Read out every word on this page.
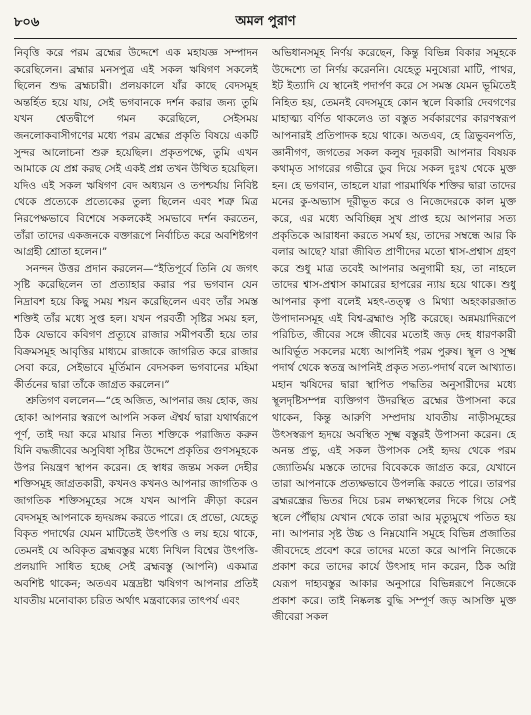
৮০৬	অমল পুরাণ

নিবৃত্তি করে পরম ব্রহ্মের উদ্দেশে এক মহাযজ্ঞ সম্পাদন করেছিলেন। ব্রহ্মার মনসপুত্র এই সকল ঋষিগণ সকলেই ছিলেন শুদ্ধ ব্রহ্মচারী। প্রলয়কালে যাঁর কাছে বেদসমূহ অন্তর্হিত হয়ে যায়, সেই ভগবানকে দর্শন করার জন্য তুমি যখন শ্বেতদ্বীপে গমন করেছিলে, সেইসময় জনলোকবাসীগণের মধ্যে পরম ব্রহ্মের প্রকৃতি বিষয়ে একটি সুন্দর আলোচনা শুরু হয়েছিল। প্রকৃতপক্ষে, তুমি এখন আমাকে যে প্রশ্ন করছ সেই একই প্রশ্ন তখন উত্থিত হয়েছিল। যদিও এই সকল ঋষিগণ বেদ অধ্যয়ন ও তপশ্চর্যায় নিবিষ্ট থেকে প্রত্যেকে প্রত্যেকের তুল্য ছিলেন এবং শত্রু মিত্র নিরপেক্ষভাবে বিশেষে সকলকেই সমভাবে দর্শন করতেন, তাঁরা তাদের একজনকে বক্তারূপে নির্বাচিত করে অবশিষ্টগণ আগ্রহী শ্রোতা হলেন।”

সনন্দন উত্তর প্রদান করলেন—“ইতিপূর্বে তিনি যে জগৎ সৃষ্টি করেছিলেন তা প্রত্যাহার করার পর ভগবান যেন নিদ্রাবশ হয়ে কিছু সময় শয়ন করেছিলেন এবং তাঁর সমস্ত শক্তিই তাঁর মধ্যে সুপ্ত হল। যখন পরবর্তী সৃষ্টির সময় হল, ঠিক যেভাবে কবিগণ প্রত্যূষে রাজার সমীপবর্তী হয়ে তার বিক্রমসমূহ আবৃত্তির মাধ্যমে রাজাকে জাগরিত করে রাজার সেবা করে, সেইভাবে মূর্তিমান বেদসকল ভগবানের মহিমা কীর্তনের দ্বারা তাঁকে জাগ্রত করলেন।”

শ্রুতিগণ বললেন—“হে অজিত, আপনার জয় হোক, জয় হোক! আপনার স্বরূপে আপনি সকল ঐশ্বর্য দ্বারা যথার্থরূপে পূর্ণ, তাই দয়া করে মায়ার নিত্য শক্তিকে পরাজিত করুন যিনি বদ্ধজীবের অসুবিধা সৃষ্টির উদ্দেশে প্রকৃতির গুণসমূহকে উপর নিয়ন্ত্রণ স্থাপন করেন। হে স্বাধর জন্তম সকল দেহীর শক্তিসমূহ জাগ্রতকারী, কখনও কখনও আপনার জাগতিক ও জাগতিক শক্তিসমূহের সঙ্গে যখন আপনি ক্রীড়া করেন বেদসমূহ আপনাকে হৃদয়ঙ্গম করতে পারে। হে প্রভো, যেহেতু বিকৃত পদার্থের যেমন মাটিতেই উৎপত্তি ও লয় হয়ে থাকে, তেমনই যে অবিকৃত ব্রহ্মবস্তুর মধ্যে নিখিল বিশ্বের উৎপত্তি-প্রলয়াদি সাধিত হচ্ছে সেই ব্রহ্মবস্তু (আপনি) একমাত্র অবশিষ্ট থাকেন; অতএব মন্ত্রদ্রষ্টা ঋষিগণ আপনার প্রতিই যাবতীয় মনোবাক্য চরিত অর্থাৎ মন্ত্রবাক্যের তাৎপর্য এবং

অভিধানসমূহ নির্ণয় করেছেন, কিন্তু বিভিন্ন বিকার সমূহকে উদ্দেশ্যে তা নির্ণয় করেননি। যেহেতু মনুষ্যেরা মাটি, পাথর, ইট ইত্যাদি যে স্থানেই পদার্পণ করে সে সমস্ত যেমন ভূমিতেই নিহিত হয়, তেমনই বেদসমূহে কোন স্থলে বিকারি দেবগণের মাহাত্ম্য বর্ণিত থাকলেও তা বস্তুত সর্বকারণের কারণস্বরূপ আপনারই প্রতিপাদক হয়ে থাকে। অতএব, হে ত্রিভুবনপতি, জ্ঞানীগণ, জগতের সকল কলুষ দূরকারী আপনার বিষয়ক কথামৃত সাগরের গভীরে ডুব দিয়ে সকল দুঃখ থেকে মুক্ত হন। হে ভগবান, তাহলে যারা পারমার্থিক শক্তির দ্বারা তাদের মনের কু-অভ্যাস দূরীভূত করে ও নিজেদেরকে কাল মুক্ত করে, এর মধ্যে অবিচ্ছিন্ন সুখ প্রাপ্ত হয়ে আপনার সত্য প্রকৃতিকে আরাধনা করতে সমর্থ হয়, তাদের সম্বন্ধে আর কি বলার আছে? যারা জীবিত প্রাণীদের মতো শ্বাস-প্রশ্বাস গ্রহণ করে শুধু মাত্র তবেই আপনার অনুগামী হয়, তা নাহলে তাদের শ্বাস-প্রশ্বাস কামারের হাপরের ন্যায় হয়ে থাকে। শুধু আপনার কৃপা বলেই মহৎ-তত্ত্ব ও মিথ্যা অহংকারজাত উপাদানসমূহ এই বিশ্ব-ব্রহ্মাণ্ড সৃষ্টি করেছে। অন্নময়াদিরূপে পরিচিত, জীবের সঙ্গে জীবের মতোই জড় দেহ ধারণকারী আবির্ভূত সকলের মধ্যে আপনিই পরম পুরুষ। স্থূল ও সূক্ষ্ম পদার্থ থেকে স্বতন্ত্র আপনিই প্রকৃত সত্য-পদার্থ বলে আখ্যাত। মহান ঋষিদের দ্বারা স্থাপিত পদ্ধতির অনুসারীদের মধ্যে স্থূলদৃষ্টিসম্পন্ন ব্যক্তিগণ উদরস্থিত ব্রহ্মের উপাসনা করে থাকেন, কিন্তু আরুণি সম্প্রদায় যাবতীয় নাড়ীসমূহের উৎসস্বরূপ হৃদয়ে অবস্থিত সূক্ষ্ম বস্তুরই উপাসনা করেন। হে অনন্ত প্রভু, এই সকল উপাসক সেই হৃদয় থেকে পরম জ্যোতির্ময় মস্তকে তাদের বিবেককে জাগ্রত করে, যেখানে তারা আপনাকে প্রত্যক্ষভাবে উপলব্ধি করতে পারে। তারপর ব্রহ্মরন্ধ্রের ভিতর দিয়ে চরম লক্ষ্যস্থলের দিকে গিয়ে সেই স্থলে পৌঁছায় যেখান থেকে তারা আর মৃত্যুমুখে পতিত হয় না। আপনার সৃষ্ট উচ্চ ও নিম্নযোনি সমূহে বিভিন্ন প্রজাতির জীবদেহে প্রবেশ করে তাদের মতো করে আপনি নিজেকে প্রকাশ করে তাদের কার্যে উৎসাহ দান করেন, ঠিক অগ্নি যেরূপ দাহ্যবস্তুর আকার অনুসারে বিভিন্নরূপে নিজেকে প্রকাশ করে। তাই নিষ্কলঙ্ক বুদ্ধি সম্পূর্ণ জড় আসক্তি মুক্ত জীবেরা সকল
